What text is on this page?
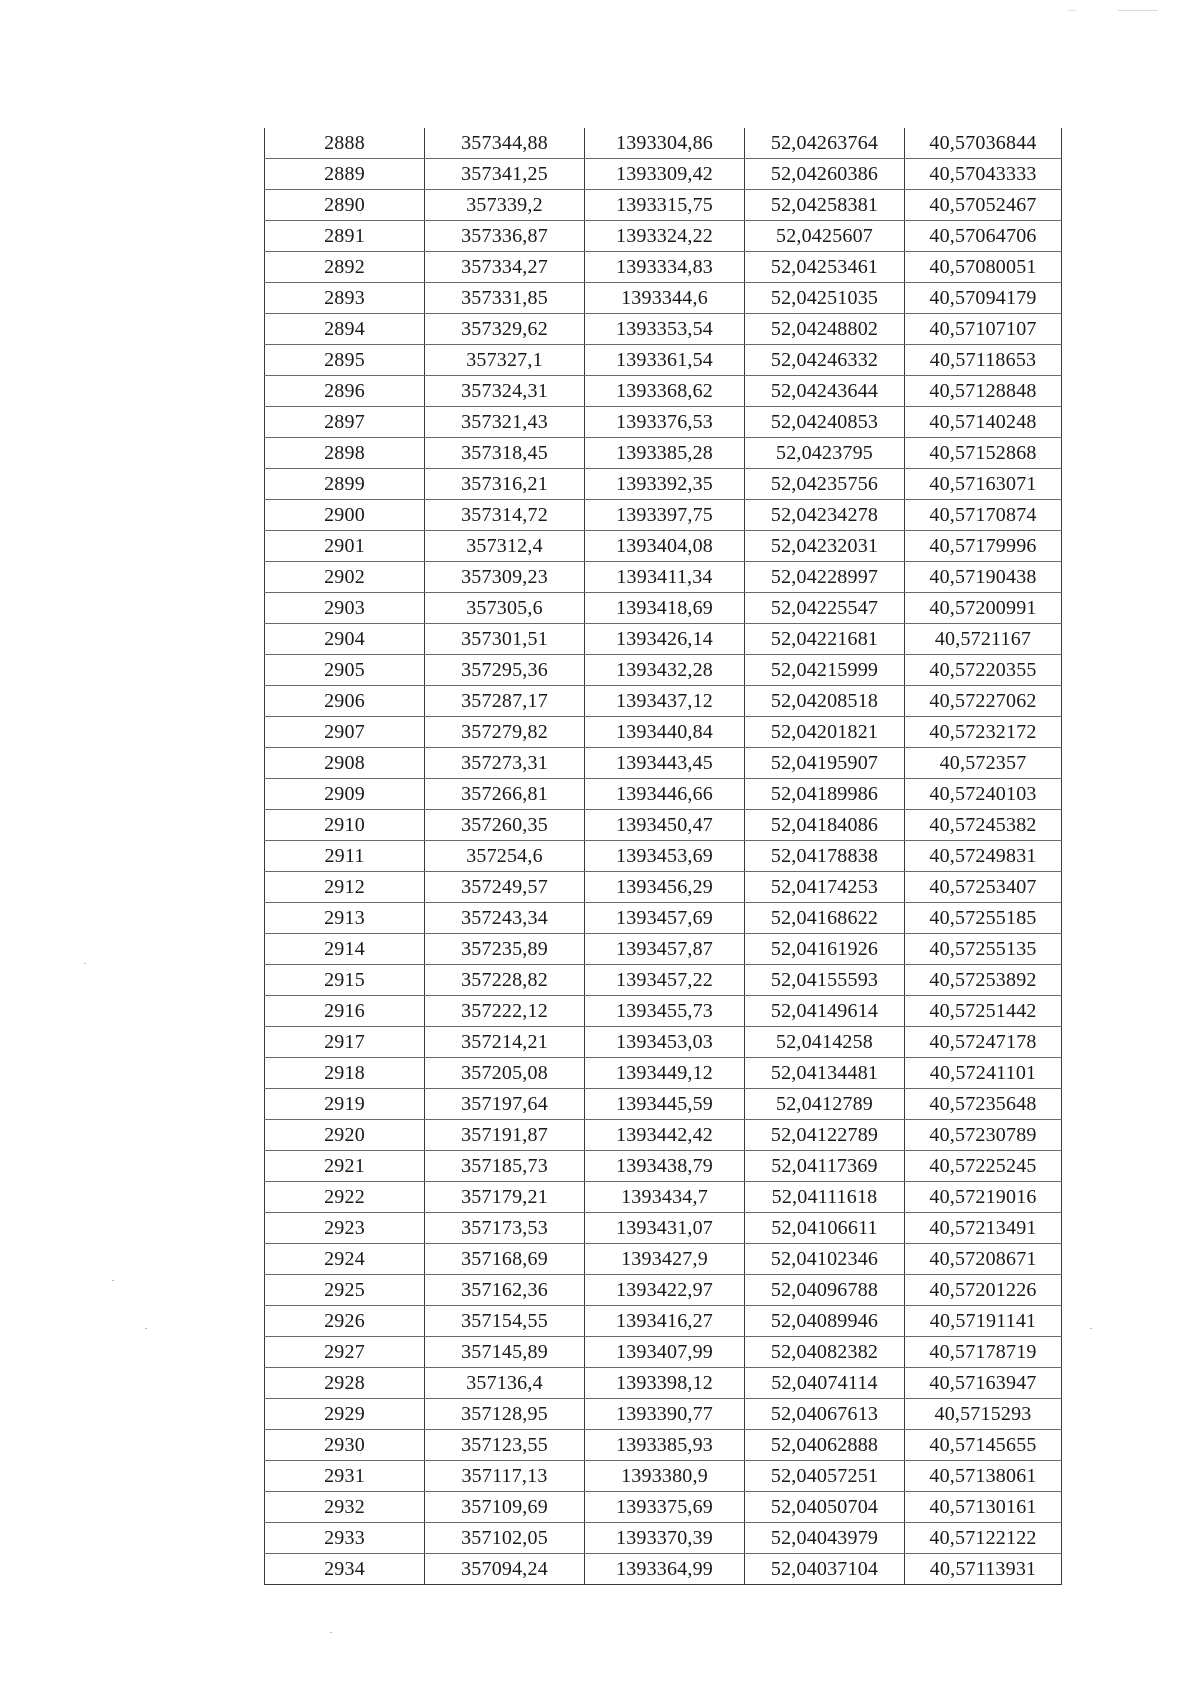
2888	357344,88	1393304,86	52,04263764	40,57036844
2889	357341,25	1393309,42	52,04260386	40,57043333
2890	357339,2	1393315,75	52,04258381	40,57052467
2891	357336,87	1393324,22	52,0425607	40,57064706
2892	357334,27	1393334,83	52,04253461	40,57080051
2893	357331,85	1393344,6	52,04251035	40,57094179
2894	357329,62	1393353,54	52,04248802	40,57107107
2895	357327,1	1393361,54	52,04246332	40,57118653
2896	357324,31	1393368,62	52,04243644	40,57128848
2897	357321,43	1393376,53	52,04240853	40,57140248
2898	357318,45	1393385,28	52,0423795	40,57152868
2899	357316,21	1393392,35	52,04235756	40,57163071
2900	357314,72	1393397,75	52,04234278	40,57170874
2901	357312,4	1393404,08	52,04232031	40,57179996
2902	357309,23	1393411,34	52,04228997	40,57190438
2903	357305,6	1393418,69	52,04225547	40,57200991
2904	357301,51	1393426,14	52,04221681	40,5721167
2905	357295,36	1393432,28	52,04215999	40,57220355
2906	357287,17	1393437,12	52,04208518	40,57227062
2907	357279,82	1393440,84	52,04201821	40,57232172
2908	357273,31	1393443,45	52,04195907	40,572357
2909	357266,81	1393446,66	52,04189986	40,57240103
2910	357260,35	1393450,47	52,04184086	40,57245382
2911	357254,6	1393453,69	52,04178838	40,57249831
2912	357249,57	1393456,29	52,04174253	40,57253407
2913	357243,34	1393457,69	52,04168622	40,57255185
2914	357235,89	1393457,87	52,04161926	40,57255135
2915	357228,82	1393457,22	52,04155593	40,57253892
2916	357222,12	1393455,73	52,04149614	40,57251442
2917	357214,21	1393453,03	52,0414258	40,57247178
2918	357205,08	1393449,12	52,04134481	40,57241101
2919	357197,64	1393445,59	52,0412789	40,57235648
2920	357191,87	1393442,42	52,04122789	40,57230789
2921	357185,73	1393438,79	52,04117369	40,57225245
2922	357179,21	1393434,7	52,04111618	40,57219016
2923	357173,53	1393431,07	52,04106611	40,57213491
2924	357168,69	1393427,9	52,04102346	40,57208671
2925	357162,36	1393422,97	52,04096788	40,57201226
2926	357154,55	1393416,27	52,04089946	40,57191141
2927	357145,89	1393407,99	52,04082382	40,57178719
2928	357136,4	1393398,12	52,04074114	40,57163947
2929	357128,95	1393390,77	52,04067613	40,5715293
2930	357123,55	1393385,93	52,04062888	40,57145655
2931	357117,13	1393380,9	52,04057251	40,57138061
2932	357109,69	1393375,69	52,04050704	40,57130161
2933	357102,05	1393370,39	52,04043979	40,57122122
2934	357094,24	1393364,99	52,04037104	40,57113931
